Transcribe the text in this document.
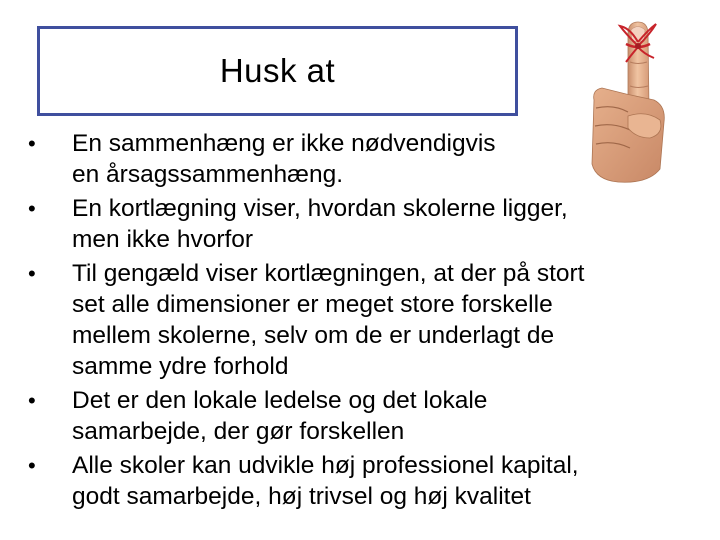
Husk at
•	En sammenhæng er ikke nødvendigvis
en årsagssammenhæng.
•	En kortlægning viser, hvordan skolerne ligger,
men ikke hvorfor
•	Til gengæld viser kortlægningen, at der på stort
set alle dimensioner er meget store forskelle
mellem skolerne, selv om de er underlagt de
samme ydre forhold
•	Det er den lokale ledelse og det lokale
samarbejde, der gør forskellen
•	Alle skoler kan udvikle høj professionel kapital,
godt samarbejde, høj trivsel og høj kvalitet
